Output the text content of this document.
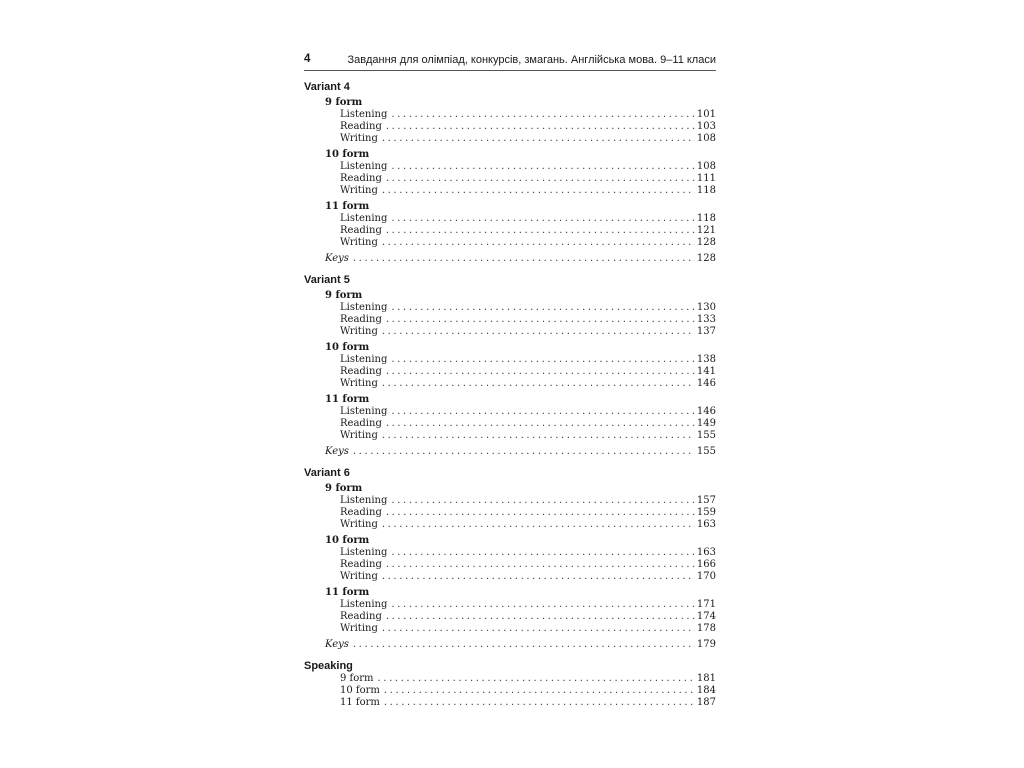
4	Завдання для олімпіад, конкурсів, змагань. Англійська мова. 9–11 класи
Variant 4
9 form
Listening .....	101
Reading .....	103
Writing .....	108
10 form
Listening .....	108
Reading .....	111
Writing .....	118
11 form
Listening .....	118
Reading .....	121
Writing .....	128
Keys .....	128
Variant 5
9 form
Listening .....	130
Reading .....	133
Writing .....	137
10 form
Listening .....	138
Reading .....	141
Writing .....	146
11 form
Listening .....	146
Reading .....	149
Writing .....	155
Keys .....	155
Variant 6
9 form
Listening .....	157
Reading .....	159
Writing .....	163
10 form
Listening .....	163
Reading .....	166
Writing .....	170
11 form
Listening .....	171
Reading .....	174
Writing .....	178
Keys .....	179
Speaking
9 form .....	181
10 form .....	184
11 form .....	187
